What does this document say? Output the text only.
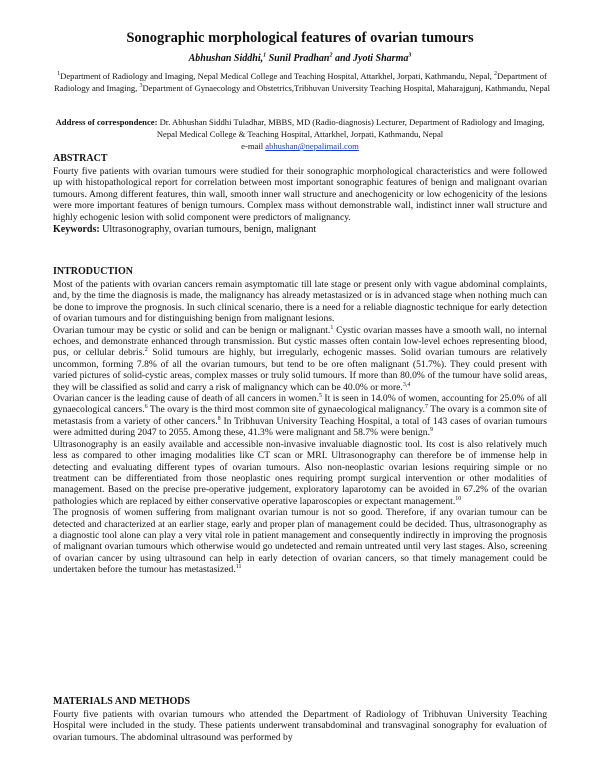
Sonographic morphological features of ovarian tumours
Abhushan Siddhi,$^1$ Sunil Pradhan$^2$ and Jyoti Sharma$^3$
$^1$Department of Radiology and Imaging, Nepal Medical College and Teaching Hospital, Attarkhel, Jorpati, Kathmandu, Nepal, $^2$Department of Radiology and Imaging, $^3$Department of Gynaecology and Obstetrics,Tribhuvan University Teaching Hospital, Maharajgunj, Kathmandu, Nepal
Address of correspondence: Dr. Abhushan Siddhi Tuladhar, MBBS, MD (Radio-diagnosis) Lecturer, Department of Radiology and Imaging, Nepal Medical College & Teaching Hospital, Attarkhel, Jorpati, Kathmandu, Nepal
e-mail abhushan@nepalimail.com
ABSTRACT

Fourty five patients with ovarian tumours were studied for their sonographic morphological characteristics and were followed up with histopathological report for correlation between most important sonographic features of benign and malignant ovarian tumours. Among different features, thin wall, smooth inner wall structure and anechogenicity or low echogenicity of the lesions were more important features of benign tumours. Complex mass without demonstrable wall, indistinct inner wall structure and highly echogenic lesion with solid component were predictors of malignancy.

Keywords: Ultrasonography, ovarian tumours, benign, malignant

INTRODUCTION

Most of the patients with ovarian cancers remain asymptomatic till late stage or present only with vague abdominal complaints, and, by the time the diagnosis is made, the malignancy has already metastasized or is in advanced stage when nothing much can be done to improve the prognosis. In such clinical scenario, there is a need for a reliable diagnostic technique for early detection of ovarian tumours and for distinguishing benign from malignant lesions.

Ovarian tumour may be cystic or solid and can be benign or malignant.$^1$ Cystic ovarian masses have a smooth wall, no internal echoes, and demonstrate enhanced through transmission. But cystic masses often contain low-level echoes representing blood, pus, or cellular debris.$^2$ Solid tumours are highly, but irregularly, echogenic masses. Solid ovarian tumours are relatively uncommon, forming 7.8% of all the ovarian tumours, but tend to be ore often malignant (51.7%). They could present with varied pictures of solid-cystic areas, complex masses or truly solid tumours. If more than 80.0% of the tumour have solid areas, they will be classified as solid and carry a risk of malignancy which can be 40.0% or more.$^{3,4}$

Ovarian cancer is the leading cause of death of all cancers in women.$^5$ It is seen in 14.0% of women, accounting for 25.0% of all gynaecological cancers.$^6$ The ovary is the third most common site of gynaecological malignancy.$^7$ The ovary is a common site of metastasis from a variety of other cancers.$^8$ In Tribhuvan University Teaching Hospital, a total of 143 cases of ovarian tumours were admitted during 2047 to 2055. Among these, 41.3% were malignant and 58.7% were benign.$^9$

Ultrasonography is an easily available and accessible non-invasive invaluable diagnostic tool. Its cost is also relatively much less as compared to other imaging modalities like CT scan or MRI. Ultrasonography can therefore be of immense help in detecting and evaluating different types of ovarian tumours. Also non-neoplastic ovarian lesions requiring simple or no treatment can be differentiated from those neoplastic ones requiring prompt surgical intervention or other modalities of management. Based on the precise pre-operative judgement, exploratory laparotomy can be avoided in 67.2% of the ovarian pathologies which are replaced by either conservative operative laparoscopies or expectant management.$^{10}$

The prognosis of women suffering from malignant ovarian tumour is not so good. Therefore, if any ovarian tumour can be detected and characterized at an earlier stage, early and proper plan of management could be decided. Thus, ultrasonography as a diagnostic tool alone can play a very vital role in patient management and consequently indirectly in improving the prognosis of malignant ovarian tumours which otherwise would go undetected and remain untreated until very last stages. Also, screening of ovarian cancer by using ultrasound can help in early detection of ovarian cancers, so that timely management could be undertaken before the tumour has metastasized.$^{11}$

MATERIALS AND METHODS

Fourty five patients with ovarian tumours who attended the Department of Radiology of Tribhuvan University Teaching Hospital were included in the study. These patients underwent transabdominal and transvaginal sonography for evaluation of ovarian tumours. The abdominal ultrasound was performed by
